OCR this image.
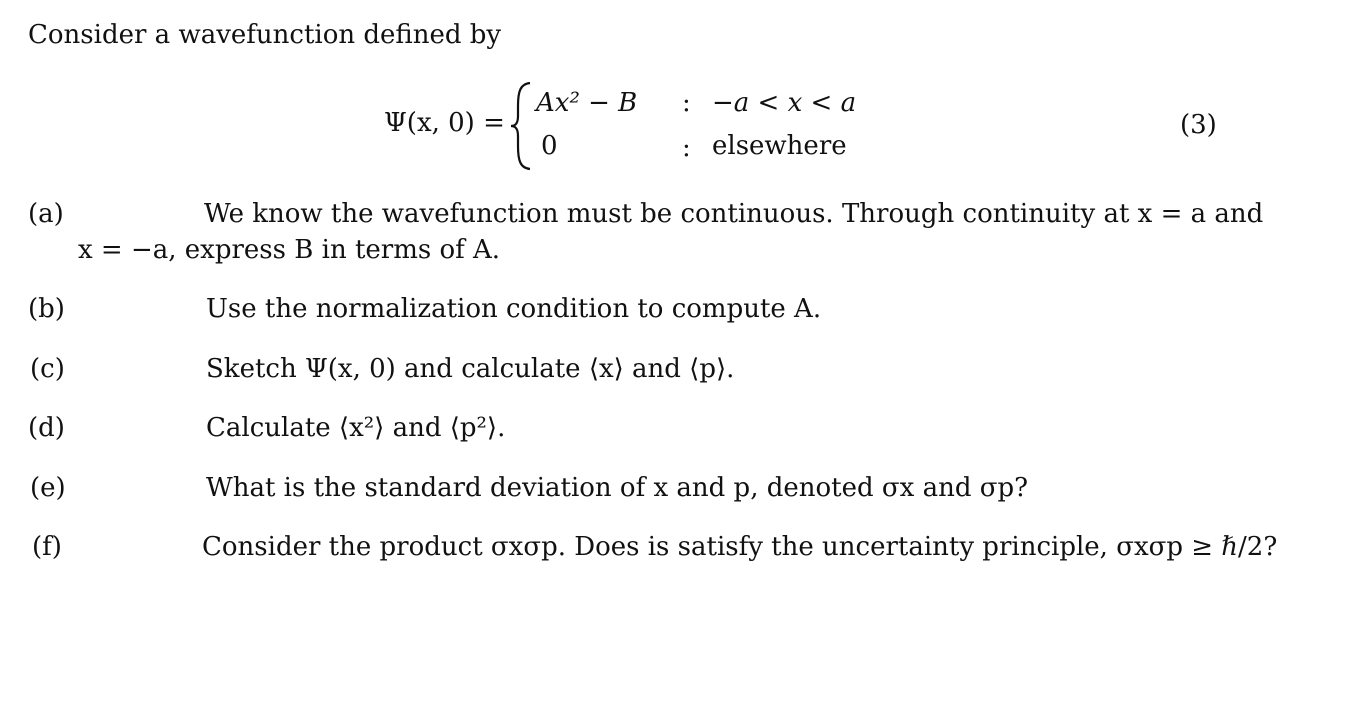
Consider a wavefunction defined by
Ψ(x, 0) =
Ax² − B : −a < x < a
0	: elsewhere
(3)
(a)	We know the wavefunction must be continuous. Through continuity at x = a and
x = −a, express B in terms of A.
(b)	Use the normalization condition to compute A.
(c)	Sketch Ψ(x, 0) and calculate ⟨x⟩ and ⟨p⟩.
(d)	Calculate ⟨x²⟩ and ⟨p²⟩.
(e)	What is the standard deviation of x and p, denoted σx and σp?
(f)	Consider the product σxσp. Does is satisfy the uncertainty principle, σxσp ≥ ℏ/2?
